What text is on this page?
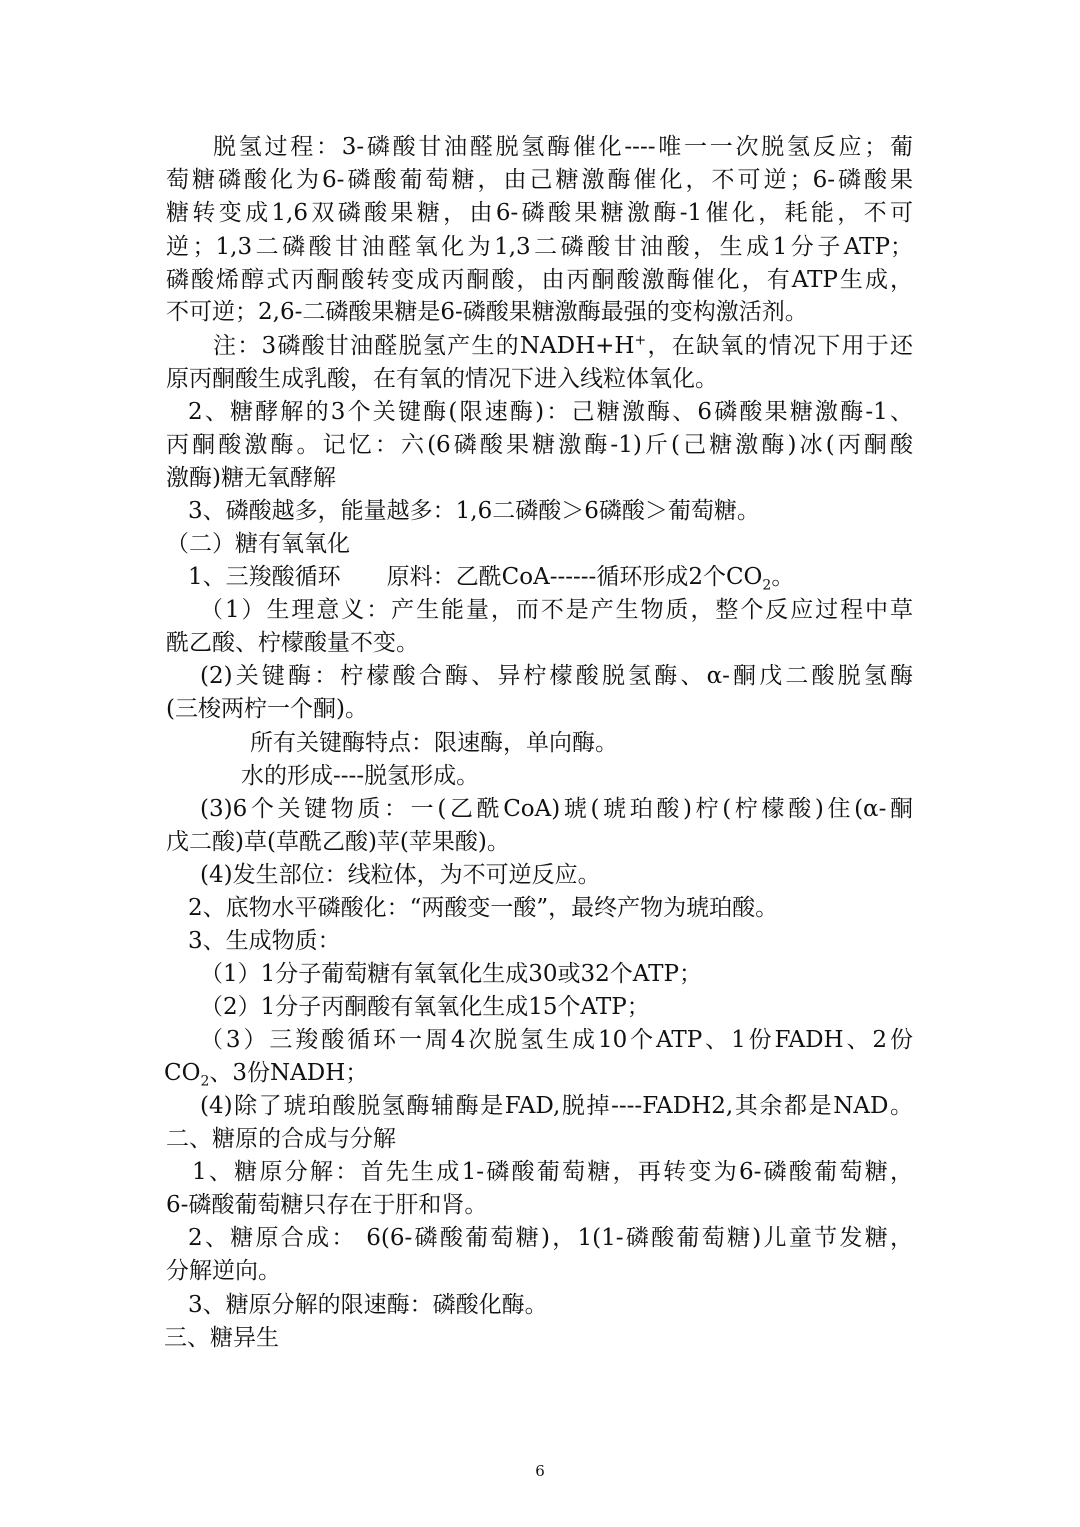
脱氢过程：3-磷酸甘油醛脱氢酶催化----唯一一次脱氢反应；葡
萄糖磷酸化为6-磷酸葡萄糖，由己糖激酶催化，不可逆；6-磷酸果
糖转变成1,6双磷酸果糖，由6-磷酸果糖激酶-1催化，耗能，不可
逆；1,3二磷酸甘油醛氧化为1,3二磷酸甘油酸，生成1分子ATP；
磷酸烯醇式丙酮酸转变成丙酮酸，由丙酮酸激酶催化，有ATP生成，
不可逆；2,6-二磷酸果糖是6-磷酸果糖激酶最强的变构激活剂。
注：3磷酸甘油醛脱氢产生的NADH+H+，在缺氧的情况下用于还
原丙酮酸生成乳酸，在有氧的情况下进入线粒体氧化。
2、糖酵解的3个关键酶(限速酶)：己糖激酶、6磷酸果糖激酶-1、
丙酮酸激酶。记忆：六(6磷酸果糖激酶-1)斤(己糖激酶)冰(丙酮酸
激酶)糖无氧酵解
3、磷酸越多，能量越多：1,6二磷酸＞6磷酸＞葡萄糖。
（二）糖有氧氧化
1、三羧酸循环　　原料：乙酰CoA------循环形成2个$CO_2$。
（1）生理意义：产生能量，而不是产生物质，整个反应过程中草
酰乙酸、柠檬酸量不变。
(2)关键酶：柠檬酸合酶、异柠檬酸脱氢酶、α-酮戊二酸脱氢酶
(三梭两柠一个酮)。
所有关键酶特点：限速酶，单向酶。
水的形成----脱氢形成。
(3)6个关键物质：一(乙酰CoA)琥(琥珀酸)柠(柠檬酸)住(α-酮
戊二酸)草(草酰乙酸)苹(苹果酸)。
(4)发生部位：线粒体，为不可逆反应。
2、底物水平磷酸化：“两酸变一酸”，最终产物为琥珀酸。
3、生成物质：
（1）1分子葡萄糖有氧氧化生成30或32个ATP；
（2）1分子丙酮酸有氧氧化生成15个ATP；
（3）三羧酸循环一周4次脱氢生成10个ATP、1份FADH、2份
$CO_2$、3份NADH；
(4)除了琥珀酸脱氢酶辅酶是FAD,脱掉----FADH2,其余都是NAD。
二、糖原的合成与分解
1、糖原分解：首先生成1-磷酸葡萄糖，再转变为6-磷酸葡萄糖，
6-磷酸葡萄糖只存在于肝和肾。
2、糖原合成： 6(6-磷酸葡萄糖)，1(1-磷酸葡萄糖)儿童节发糖，
分解逆向。
3、糖原分解的限速酶：磷酸化酶。
三、糖异生
6
